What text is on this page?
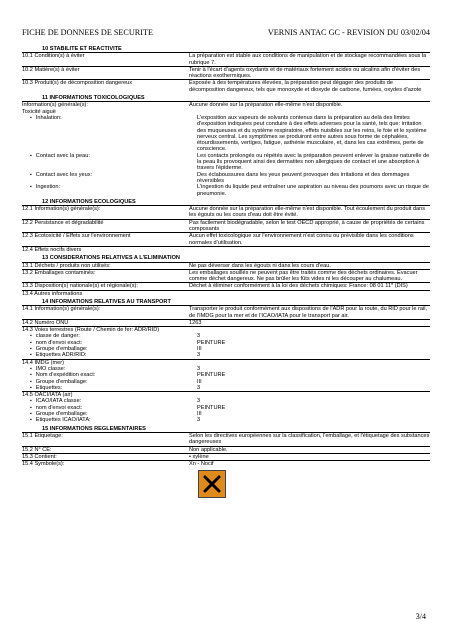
FICHE DE DONNEES DE SECURITE	VERNIS ANTAC GC - REVISION DU 03/02/04
10 STABILITE ET REACTIVITE
10.1 Condition(s) à éviter	La préparation est stable aux conditions de manipulation et de stockage recommandées sous la rubrique 7.
10.2 Matière(s) à éviter	Tenir à l'écart d'agents oxydants et de matériaux fortement acides ou alcalins afin d'éviter des réactions exothermiques.
10.3 Produit(s) de décomposition dangereux	Exposée à des températures élevées, la préparation peut dégager des produits de décomposition dangereux, tels que monoxyde et dioxyde de carbone, fumées, oxydes d'azote
11 INFORMATIONS TOXICOLOGIQUES
Information(s) générale(s):	Aucune donnée sur la préparation elle-même n'est disponible.
Toxicité aiguë
▪ Inhalation:	L'exposition aux vapeurs de solvants contenus dans la préparation au delà des limites d'exposition indiquées peut conduire à des effets adverses pour la santé, tels que: irritation des muqueuses et du système respiratoire, effets nuisibles sur les reins, le foie et le système nerveux central. Les symptômes se produiront entre autres sous forme de céphalées, étourdissements, vertiges, fatigue, asthénie musculaire, et, dans les cas extrêmes, perte de conscience.
▪ Contact avec la peau:	Les contacts prolongés ou répétés avec la préparation peuvent enlever la graisse naturelle de la peau lls provoquent ainsi des dermatites non allergiques de contact et une absorption à travers l'épiderme.
▪ Contact avec les yeux:	Des éclaboussures dans les yeux peuvent provoquer des irritations et des dommages réversibles
▪ Ingestion:	L'ingestion du liquide peut entraîner une aspiration au niveau des poumons avec un risque de pneumonie.
12 INFORMATIONS ECOLOGIQUES
12.1 Information(s) générale(s):	Aucune donnée sur la préparation elle-même n'est disponible. Tout écoulement du produit dans les égouts ou les cours d'eau doit être évité.
12.2 Persistance et dégradabilité	Pas facilement biodégradable, selon le test OECD approprié, à cause de propriétés de certains composants
12.3 Ecotoxicité / Effets sur l'environnement	Aucun effet toxicologique sur l'environnement n'est connu ou prévisible dans les conditions normales d'utilisation.
12.4 Effets nocifs divers
13 CONSIDERATIONS RELATIVES A L'ELIMINATION
13.1 Déchets / produits non utilisés:	Ne pas déverser dans les égouts ni dans les cours d'eau.
13.2 Emballages contaminés:	Les emballages souillés ne peuvent pas être traités comme des déchets ordinaires. Evacuer comme déchet dangereux. Ne pas brûler les fûts vides ni les découper au chalumeau.
13.3 Disposition(s) nationale(s) et régionale(s):	Déchet à éliminer conformément à la loi des déchets chimiques: France: 08 01 11* (DIS)
13.4 Autres informations
14 INFORMATIONS RELATIVES AU TRANSPORT
14.1 Information(s) générale(s):	Transporter le produit conformément aux dispositions de l'ADR pour la route, du RID pour le rail, de l'IMDG pour la mer et de l'ICAO/IATA pour le transport par air.
14.2 Numéro ONU	1263
14.3 Voies terrestres (Route / Chemin de fer: ADR/RID)
▪ classe de danger:	3
▪ nom d'envoi exact:	PEINTURE
▪ Groupe d'emballage:	III
▪ Etiquettes ADR/RID:	3
14.4 IMDG (mer)
▪ IMO classe:	3
▪ Nom d'expédition exact:	PEINTURE
▪ Groupe d'emballage:	III
▪ Etiquettes:	3
14.5 OACI/IATA (air)
▪ ICAO/IATA classe:	3
▪ nom d'envoi exact:	PEINTURE
▪ Groupe d'emballage:	III
▪ Etiquettes ICAO/IATA:	3
15 INFORMATIONS REGLEMENTAIRES
15.1 Etiquetage:	Selon les directives européennes sur la classification, l'emballage, et l'étiquetage des substances dangereuses
15.2 N° CE:	Non applicable.
15.3 Contient:	• xylène
15.4 Symbole(s):	Xn - Nocif
3/4
